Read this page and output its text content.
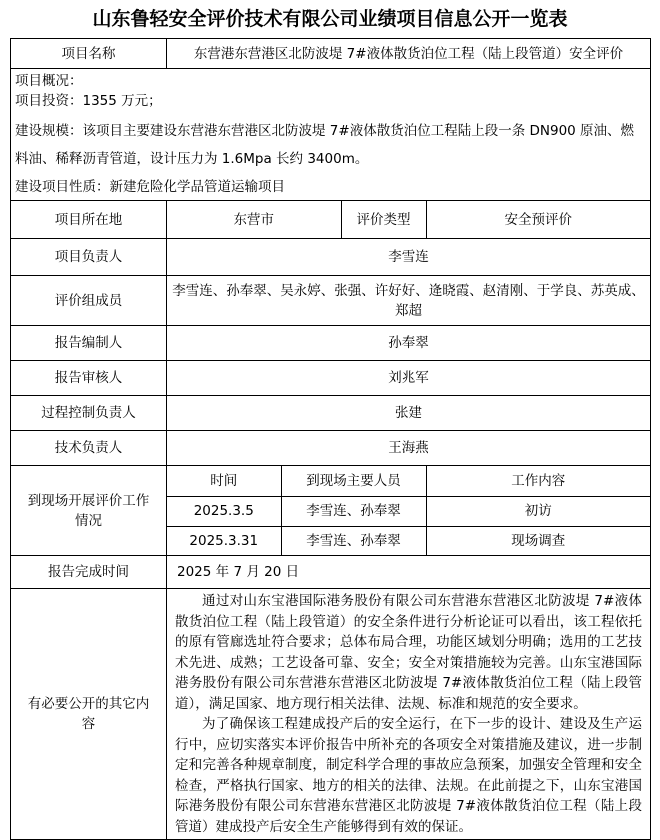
山东鲁轻安全评价技术有限公司业绩项目信息公开一览表
项目名称	东营港东营港区北防波堤 7#液体散货泊位工程（陆上段管道）安全评价

项目概况：

项目投资：1355 万元；

建设规模：该项目主要建设东营港东营港区北防波堤 7#液体散货泊位工程陆上段一条 DN900 原油、燃料油、稀释沥青管道，设计压力为 1.6Mpa 长约 3400m。

建设项目性质：新建危险化学品管道运输项目

项目所在地		东营市	评价类型	安全预评价

项目负责人	李雪连
评价组成员	李雪连、孙奉翠、吴永婷、张强、许好好、逄晓霞、赵清刚、于学良、苏英成、郑超
报告编制人	孙奉翠
报告审核人	刘兆军
过程控制负责人	张建
技术负责人	王海燕
到现场开展评价工作情况	
时间	到现场主要人员	工作内容
2025.3.5	李雪连、孙奉翠	初访
2025.3.31	李雪连、孙奉翠	现场调查

报告完成时间	2025 年 7 月 20 日
有必要公开的其它内容	

通过对山东宝港国际港务股份有限公司东营港东营港区北防波堤 7#液体散货泊位工程（陆上段管道）的安全条件进行分析论证可以看出，该工程依托的原有管廊选址符合要求；总体布局合理，功能区域划分明确；选用的工艺技术先进、成熟；工艺设备可靠、安全；安全对策措施较为完善。山东宝港国际港务股份有限公司东营港东营港区北防波堤 7#液体散货泊位工程（陆上段管道），满足国家、地方现行相关法律、法规、标准和规范的安全要求。

为了确保该工程建成投产后的安全运行，在下一步的设计、建设及生产运行中，应切实落实本评价报告中所补充的各项安全对策措施及建议，进一步制定和完善各种规章制度，制定科学合理的事故应急预案，加强安全管理和安全检查，严格执行国家、地方的相关的法律、法规。在此前提之下，山东宝港国际港务股份有限公司东营港东营港区北防波堤 7#液体散货泊位工程（陆上段管道）建成投产后安全生产能够得到有效的保证。
